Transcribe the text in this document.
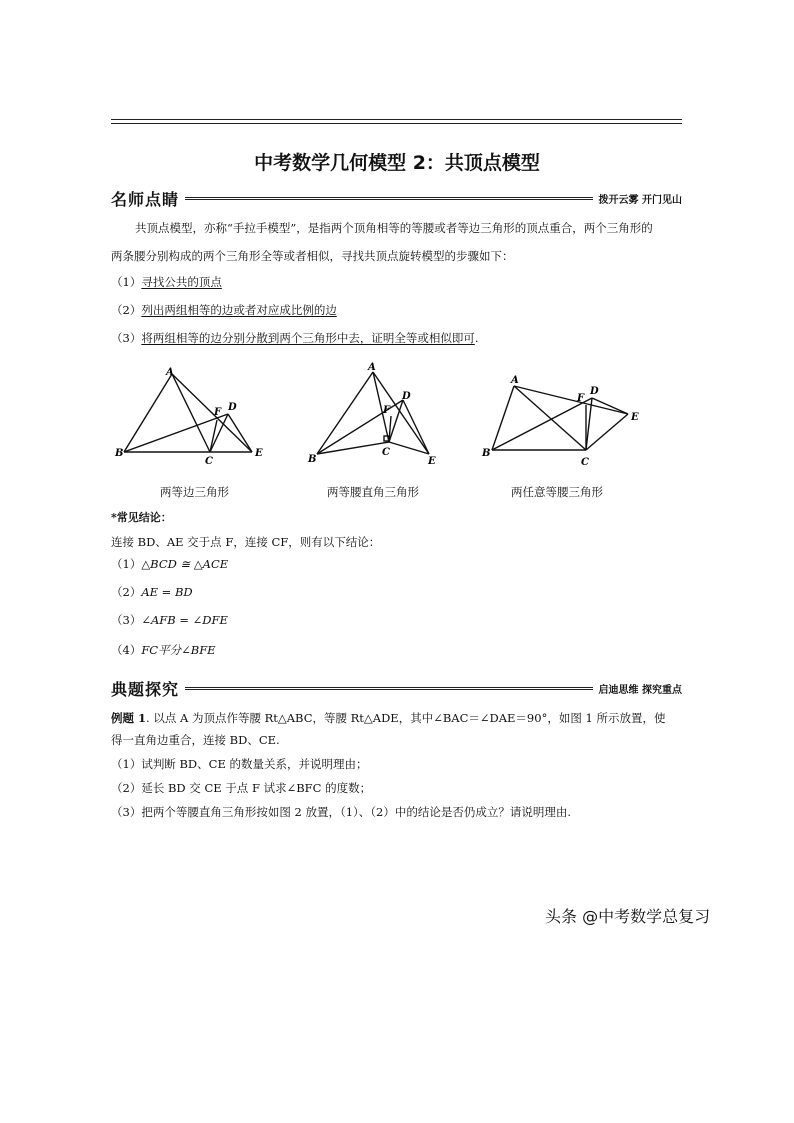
中考数学几何模型 2：共顶点模型
名师点睛	拨开云雾 开门见山
共顶点模型，亦称“手拉手模型”，是指两个顶角相等的等腰或者等边三角形的顶点重合，两个三角形的
两条腰分别构成的两个三角形全等或者相似，寻找共顶点旋转模型的步骤如下：
（1）寻找公共的顶点
（2）列出两组相等的边或者对应成比例的边
（3）将两组相等的边分别分散到两个三角形中去，证明全等或相似即可.
A
B
C
D
E
F
两等边三角形
A
B
C
D
E
F
两等腰直角三角形
A
B
C
D
E
F
两任意等腰三角形
*常见结论：
连接 BD、AE 交于点 F，连接 CF，则有以下结论：
（1）△BCD ≅ △ACE
（2）AE = BD
（3）∠AFB = ∠DFE
（4）FC平分∠BFE
典题探究	启迪思维 探究重点
例题 1. 以点 A 为顶点作等腰 Rt△ABC，等腰 Rt△ADE，其中∠BAC＝∠DAE＝90°，如图 1 所示放置，使
得一直角边重合，连接 BD、CE.
（1）试判断 BD、CE 的数量关系，并说明理由；
（2）延长 BD 交 CE 于点 F 试求∠BFC 的度数；
（3）把两个等腰直角三角形按如图 2 放置，（1）、（2）中的结论是否仍成立？请说明理由.
头条 @中考数学总复习
